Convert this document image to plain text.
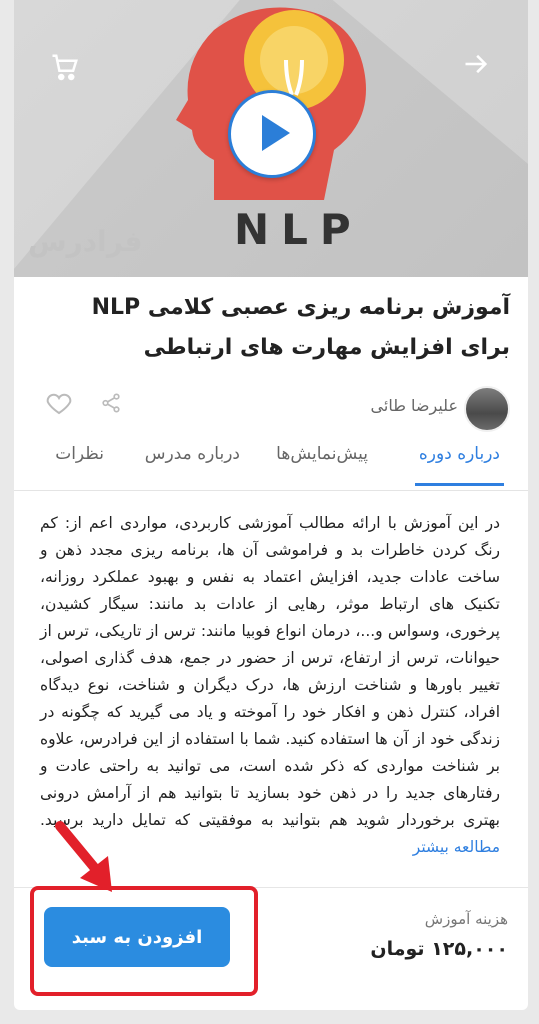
NLP
فرادرس
آموزش برنامه ریزی عصبی کلامی NLP برای افزایش مهارت های ارتباطی
علیرضا طائی
درباره دوره
پیش‌نمایش‌ها
درباره مدرس
نظرات
در این آموزش با ارائه مطالب آموزشی کاربردی، مواردی اعم از: کم رنگ کردن خاطرات بد و فراموشی آن ها، برنامه ریزی مجدد ذهن و ساخت عادات جدید، افزایش اعتماد به نفس و بهبود عملکرد روزانه، تکنیک های ارتباط موثر، رهایی از عادات بد مانند: سیگار کشیدن، پرخوری، وسواس و...، درمان انواع فوبیا مانند: ترس از تاریکی، ترس از حیوانات، ترس از ارتفاع، ترس از حضور در جمع، هدف گذاری اصولی، تغییر باورها و شناخت ارزش ها، درک دیگران و شناخت، نوع دیدگاه افراد، کنترل ذهن و افکار خود را آموخته و یاد می گیرید که چگونه در زندگی خود از آن ها استفاده کنید. شما با استفاده از این فرادرس، علاوه بر شناخت مواردی که ذکر شده است، می توانید به راحتی عادت و رفتارهای جدید را در ذهن خود بسازید تا بتوانید هم از آرامش درونی بهتری برخوردار شوید هم بتوانید به موفقیتی که تمایل دارید برسید. مطالعه بیشتر
هزینه آموزش
۱۲۵,۰۰۰ تومان
افزودن به سبد
